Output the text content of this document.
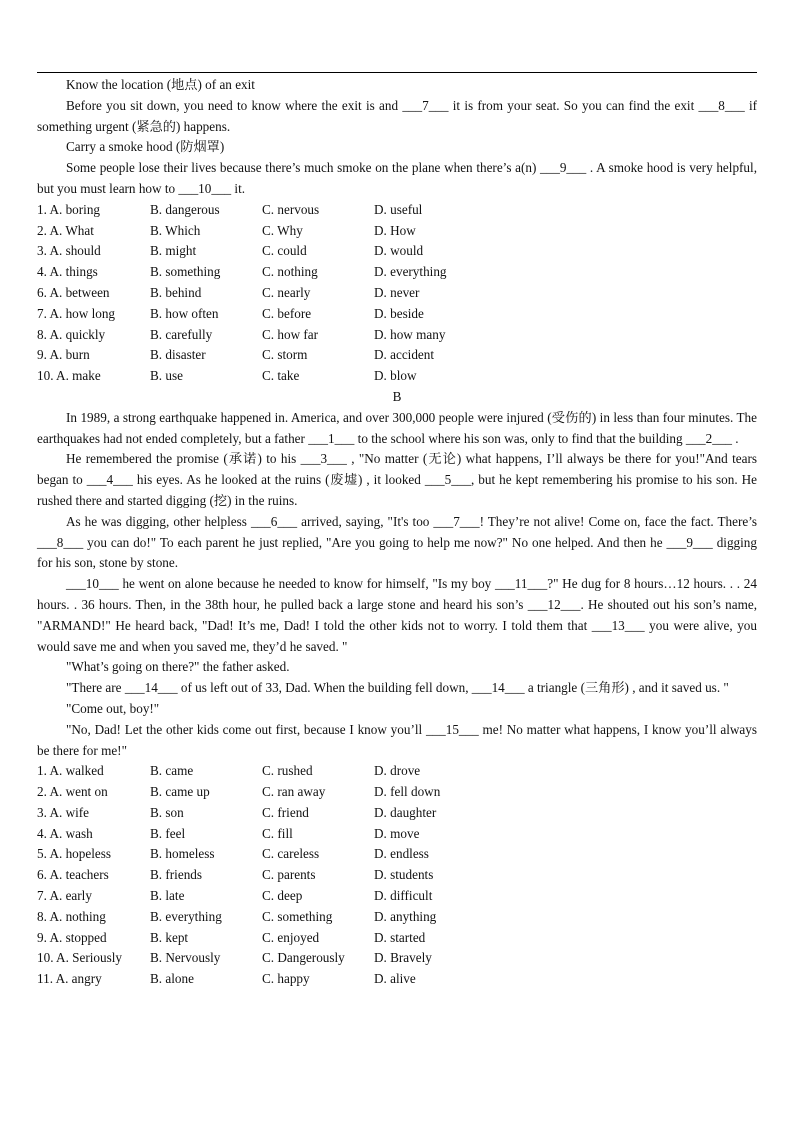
Know the location (地点) of an exit
Before you sit down, you need to know where the exit is and ___7___ it is from your seat. So you can find the exit ___8___ if something urgent (紧急的) happens.
Carry a smoke hood (防烟罩)
Some people lose their lives because there’s much smoke on the plane when there’s a(n) ___9___ . A smoke hood is very helpful, but you must learn how to ___10___ it.
1. A. boring	B. dangerous	C. nervous	D. useful
2. A. What	B. Which	C. Why	D. How
3. A. should	B. might	C. could	D. would
4. A. things	B. something	C. nothing	D. everything
6. A. between	B. behind	C. nearly	D. never
7. A. how long	B. how often	C. before	D. beside
8. A. quickly	B. carefully	C. how far	D. how many
9. A. burn	B. disaster	C. storm	D. accident
10. A. make	B. use	C. take	D. blow
B
In 1989, a strong earthquake happened in. America, and over 300,000 people were injured (受伤的) in less than four minutes. The earthquakes had not ended completely, but a father ___1___ to the school where his son was, only to find that the building ___2___ .
He remembered the promise (承诺) to his ___3___ , "No matter (无论) what happens, I’ll always be there for you!"And tears began to ___4___ his eyes. As he looked at the ruins (废墟) , it looked ___5___, but he kept remembering his promise to his son. He rushed there and started digging (挖) in the ruins.
As he was digging, other helpless ___6___ arrived, saying, "It's too ___7___! They’re not alive! Come on, face the fact. There’s ___8___ you can do!" To each parent he just replied, "Are you going to help me now?" No one helped. And then he ___9___ digging for his son, stone by stone.
___10___ he went on alone because he needed to know for himself, "Is my boy ___11___?" He dug for 8 hours…12 hours. . . 24 hours. . 36 hours. Then, in the 38th hour, he pulled back a large stone and heard his son’s ___12___. He shouted out his son’s name, "ARMAND!" He heard back, "Dad! It’s me, Dad! I told the other kids not to worry. I told them that ___13___ you were alive, you would save me and when you saved me, they’d he saved. "
"What’s going on there?" the father asked.
"There are ___14___ of us left out of 33, Dad. When the building fell down, ___14___ a triangle (三角形) , and it saved us. "
"Come out, boy!"
"No, Dad! Let the other kids come out first, because I know you’ll ___15___ me! No matter what happens, I know you’ll always be there for me!"
1. A. walked	B. came	C. rushed	D. drove
2. A. went on	B. came up	C. ran away	D. fell down
3. A. wife	B. son	C. friend	D. daughter
4. A. wash	B. feel	C. fill	D. move
5. A. hopeless	B. homeless	C. careless	D. endless
6. A. teachers	B. friends	C. parents	D. students
7. A. early	B. late	C. deep	D. difficult
8. A. nothing	B. everything	C. something	D. anything
9. A. stopped	B. kept	C. enjoyed	D. started
10. A. Seriously	B. Nervously	C. Dangerously	D. Bravely
11. A. angry	B. alone	C. happy	D. alive
